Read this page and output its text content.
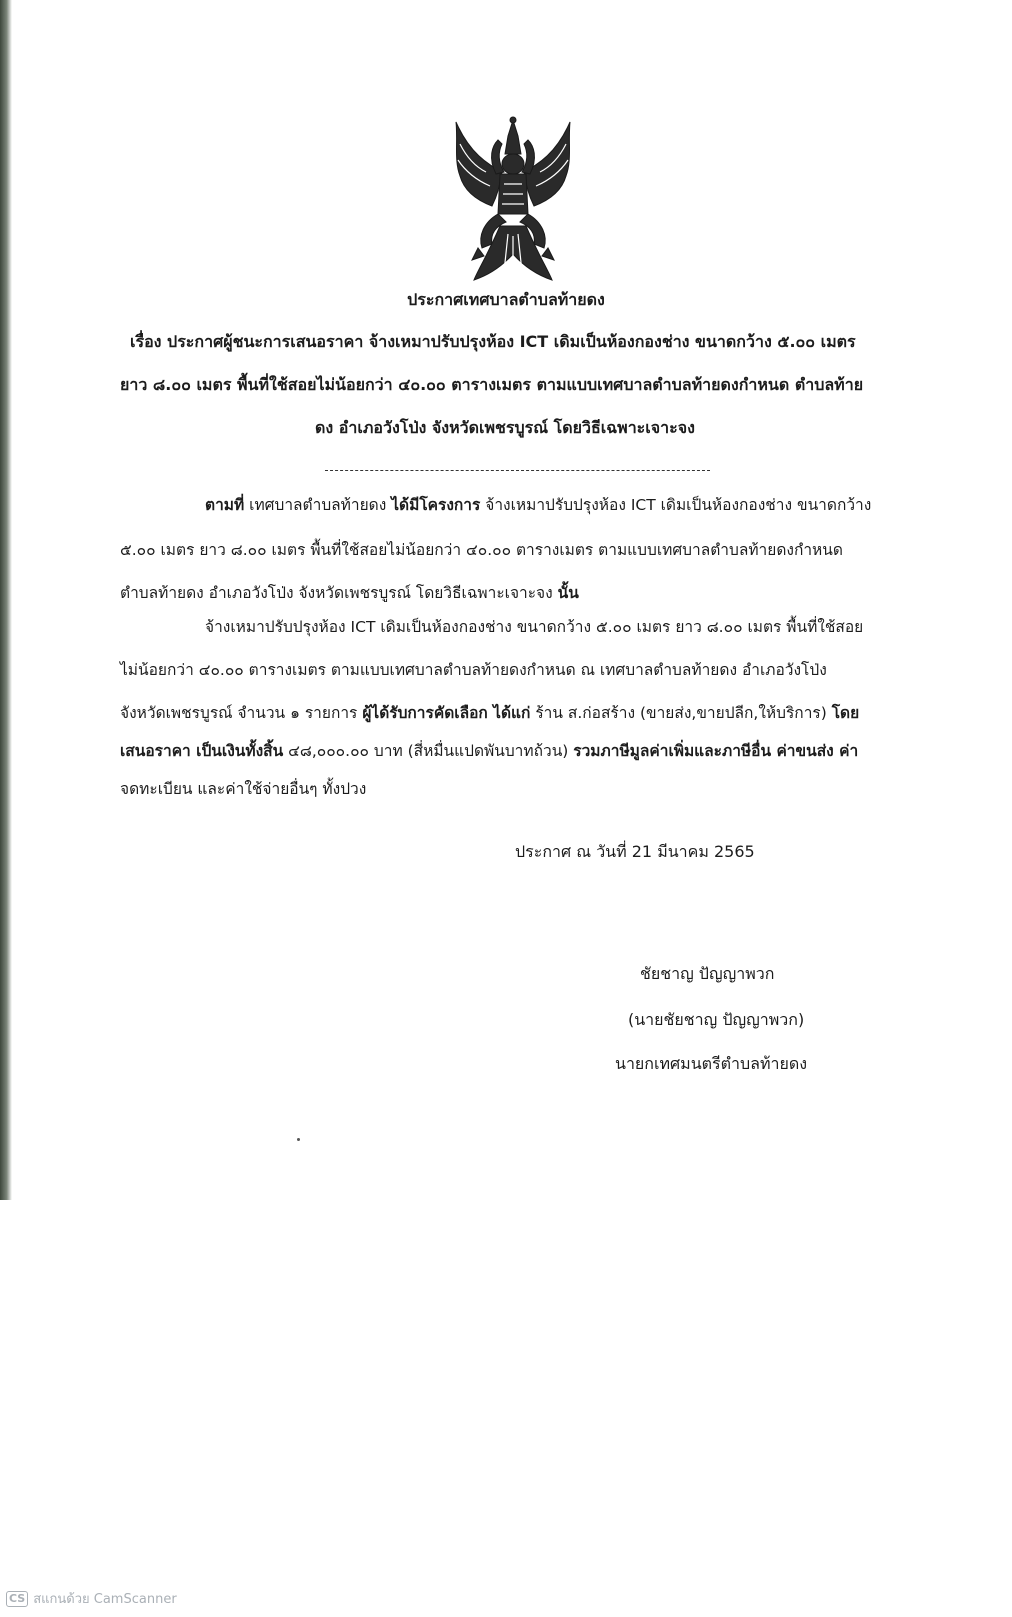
ประกาศเทศบาลตำบลท้ายดง
เรื่อง ประกาศผู้ชนะการเสนอราคา จ้างเหมาปรับปรุงห้อง ICT เดิมเป็นห้องกองช่าง ขนาดกว้าง ๕.๐๐ เมตร
ยาว ๘.๐๐ เมตร พื้นที่ใช้สอยไม่น้อยกว่า ๔๐.๐๐ ตารางเมตร ตามแบบเทศบาลตำบลท้ายดงกำหนด ตำบลท้าย
ดง อำเภอวังโป่ง จังหวัดเพชรบูรณ์ โดยวิธีเฉพาะเจาะจง
ตามที่ เทศบาลตำบลท้ายดง ได้มีโครงการ จ้างเหมาปรับปรุงห้อง ICT เดิมเป็นห้องกองช่าง ขนาดกว้าง
๕.๐๐ เมตร ยาว ๘.๐๐ เมตร พื้นที่ใช้สอยไม่น้อยกว่า ๔๐.๐๐ ตารางเมตร ตามแบบเทศบาลตำบลท้ายดงกำหนด
ตำบลท้ายดง อำเภอวังโป่ง จังหวัดเพชรบูรณ์ โดยวิธีเฉพาะเจาะจง นั้น
จ้างเหมาปรับปรุงห้อง ICT เดิมเป็นห้องกองช่าง ขนาดกว้าง ๕.๐๐ เมตร ยาว ๘.๐๐ เมตร พื้นที่ใช้สอย
ไม่น้อยกว่า ๔๐.๐๐ ตารางเมตร ตามแบบเทศบาลตำบลท้ายดงกำหนด ณ เทศบาลตำบลท้ายดง อำเภอวังโป่ง
จังหวัดเพชรบูรณ์ จำนวน ๑ รายการ ผู้ได้รับการคัดเลือก ได้แก่ ร้าน ส.ก่อสร้าง (ขายส่ง,ขายปลีก,ให้บริการ) โดย
เสนอราคา เป็นเงินทั้งสิ้น ๔๘,๐๐๐.๐๐ บาท (สี่หมื่นแปดพันบาทถ้วน) รวมภาษีมูลค่าเพิ่มและภาษีอื่น ค่าขนส่ง ค่า
จดทะเบียน และค่าใช้จ่ายอื่นๆ ทั้งปวง
ประกาศ ณ วันที่ 21 มีนาคม 2565
ชัยชาญ ปัญญาพวก
(นายชัยชาญ ปัญญาพวก)
นายกเทศมนตรีตำบลท้ายดง
CS สแกนด้วย CamScanner
